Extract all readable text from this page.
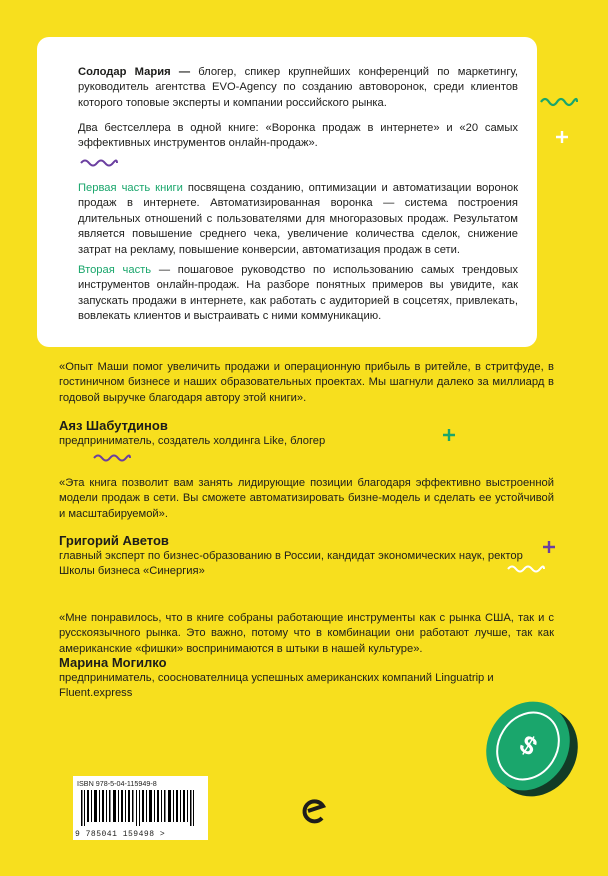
Солодар Мария — блогер, спикер крупнейших конференций по маркетингу, руководитель агентства EVO-Agency по созданию автоворонок, среди клиентов которого топовые эксперты и компании российского рынка.

Два бестселлера в одной книге: «Воронка продаж в интернете» и «20 самых эффективных инструментов онлайн-продаж».

Первая часть книги посвящена созданию, оптимизации и автоматизации воронок продаж в интернете. Автоматизированная воронка — система построения длительных отношений с пользователями для многоразовых продаж. Результатом является повышение среднего чека, увеличение количества сделок, снижение затрат на рекламу, повышение конверсии, автоматизация продаж в сети.

Вторая часть — пошаговое руководство по использованию самых трендовых инструментов онлайн-продаж. На разборе понятных примеров вы увидите, как запускать продажи в интернете, как работать с аудиторией в соцсетях, привлекать, вовлекать клиентов и выстраивать с ними коммуникацию.

«Опыт Маши помог увеличить продажи и операционную прибыль в ритейле, в стритфуде, в гостиничном бизнесе и наших образовательных проектах. Мы шагнули далеко за миллиард в годовой выручке благодаря автору этой книги».

Аяз Шабутдинов

предприниматель, создатель холдинга Like, блогер

«Эта книга позволит вам занять лидирующие позиции благодаря эффективно выстроенной модели продаж в сети. Вы сможете автоматизировать бизне-модель и сделать ее устойчивой и масштабируемой».

Григорий Аветов

главный эксперт по бизнес-образованию в России, кандидат экономических наук, ректор Школы бизнеса «Синергия»

«Мне понравилось, что в книге собраны работающие инструменты как с рынка США, так и с русскоязычного рынка. Это важно, потому что в комбинации они работают лучше, так как американские «фишки» воспринимаются в штыки в нашей культуре».

Марина Могилко

предприниматель, сооснователница успешных американских компаний Linguatrip и Fluent.express

$
ISBN 978-5-04-115949-8
9 785041 159498 >
